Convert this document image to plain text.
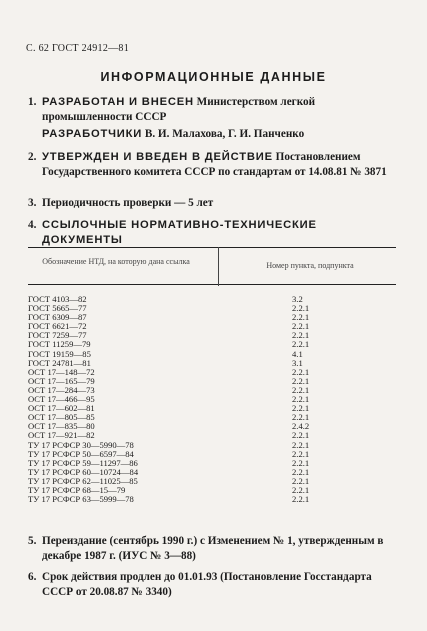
С. 62 ГОСТ 24912—81
ИНФОРМАЦИОННЫЕ ДАННЫЕ
1. РАЗРАБОТАН И ВНЕСЕН Министерством легкой промышленности СССР
РАЗРАБОТЧИКИ В. И. Малахова, Г. И. Панченко
2. УТВЕРЖДЕН И ВВЕДЕН В ДЕЙСТВИЕ Постановлением Государственного комитета СССР по стандартам от 14.08.81 № 3871
3. Периодичность проверки — 5 лет
4. ССЫЛОЧНЫЕ НОРМАТИВНО-ТЕХНИЧЕСКИЕ ДОКУМЕНТЫ
Обозначение НТД, на которую дана ссылка	Номер пункта, подпункта
ГОСТ 4103—82	3.2
ГОСТ 5665—77	2.2.1
ГОСТ 6309—87	2.2.1
ГОСТ 6621—72	2.2.1
ГОСТ 7259—77	2.2.1
ГОСТ 11259—79	2.2.1
ГОСТ 19159—85	4.1
ГОСТ 24781—81	3.1
ОСТ 17—148—72	2.2.1
ОСТ 17—165—79	2.2.1
ОСТ 17—284—73	2.2.1
ОСТ 17—466—95	2.2.1
ОСТ 17—602—81	2.2.1
ОСТ 17—805—85	2.2.1
ОСТ 17—835—80	2.4.2
ОСТ 17—921—82	2.2.1
ТУ 17 РСФСР 30—5990—78	2.2.1
ТУ 17 РСФСР 50—6597—84	2.2.1
ТУ 17 РСФСР 59—11297—86	2.2.1
ТУ 17 РСФСР 60—10724—84	2.2.1
ТУ 17 РСФСР 62—11025—85	2.2.1
ТУ 17 РСФСР 68—15—79	2.2.1
ТУ 17 РСФСР 63—5999—78	2.2.1
5. Переиздание (сентябрь 1990 г.) с Изменением № 1, утвержденным в декабре 1987 г. (ИУС № 3—88)
6. Срок действия продлен до 01.01.93 (Постановление Госстандарта СССР от 20.08.87 № 3340)
